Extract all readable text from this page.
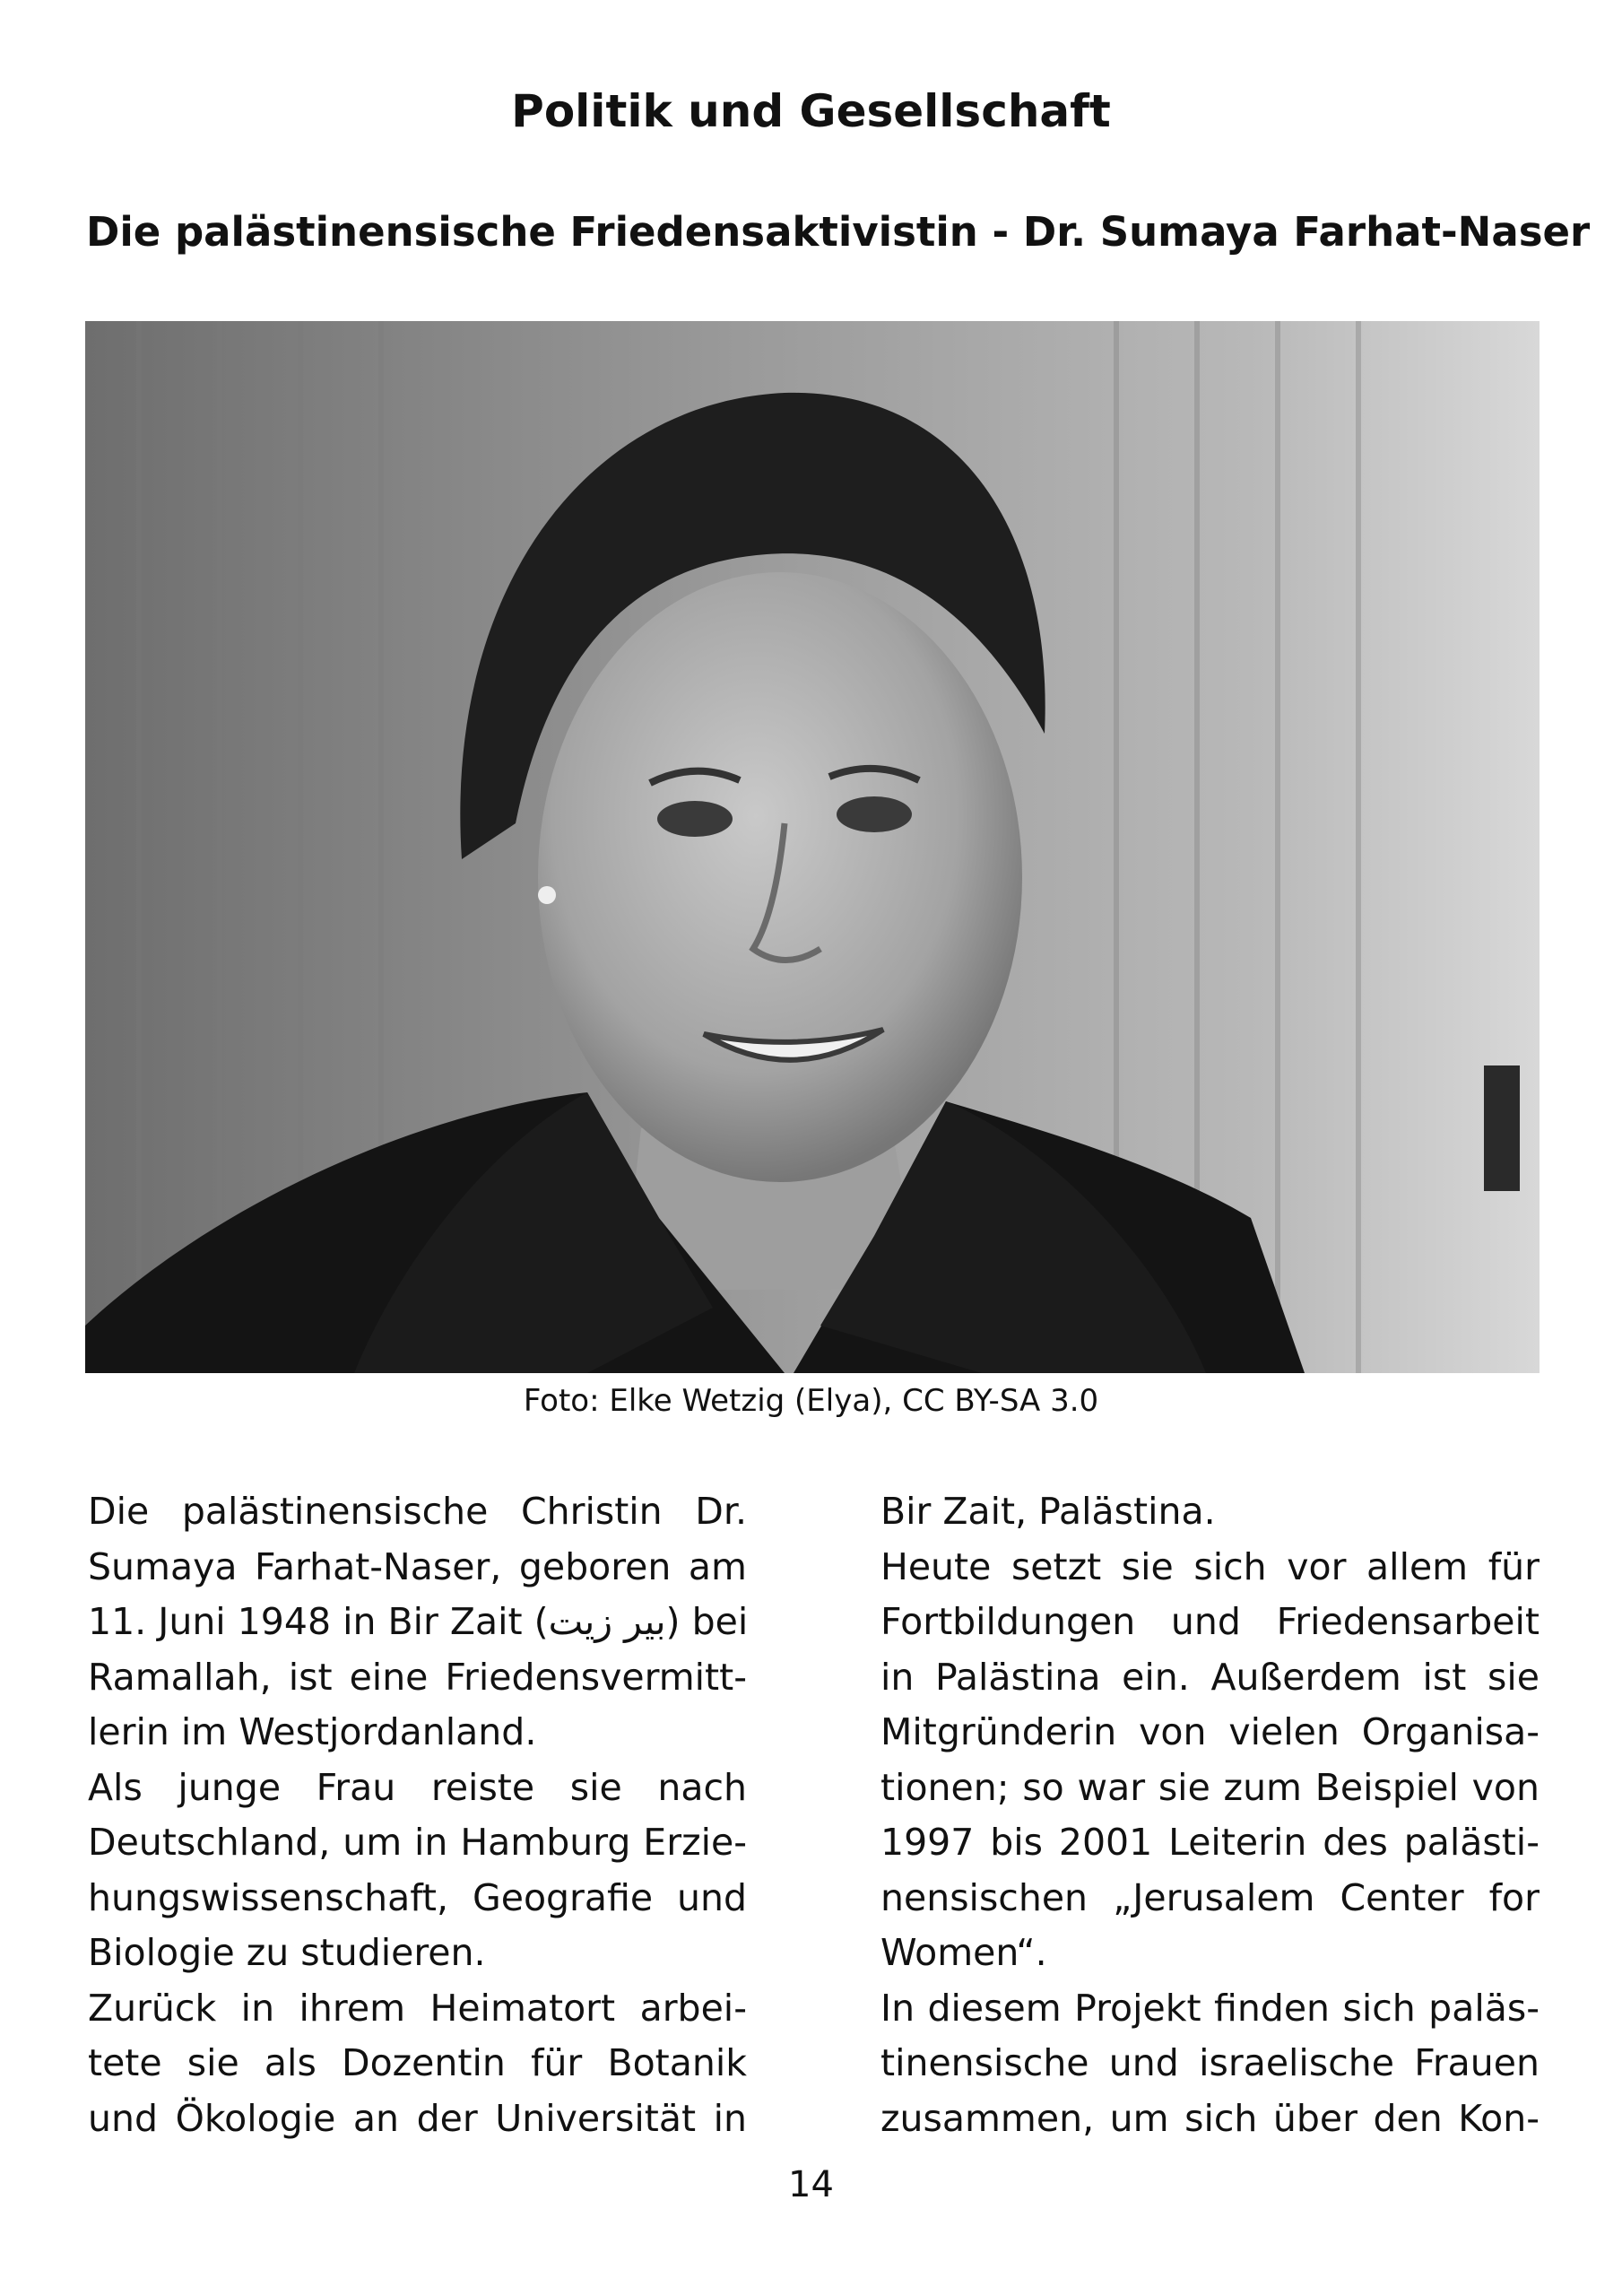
Politik und Gesellschaft
Die palästinensische Friedensaktivistin - Dr. Sumaya Farhat-Naser
Foto: Elke Wetzig (Elya), CC BY-SA 3.0
Die palästinensische Christin Dr.
Sumaya Farhat-Naser, geboren am
11. Juni 1948 in Bir Zait (بير زيت) bei
Ramallah, ist eine Friedensvermitt-
lerin im Westjordanland.
Als junge Frau reiste sie nach
Deutschland, um in Hamburg Erzie-
hungswissenschaft, Geografie und
Biologie zu studieren.
Zurück in ihrem Heimatort arbei-
tete sie als Dozentin für Botanik
und Ökologie an der Universität in
Bir Zait, Palästina.
Heute setzt sie sich vor allem für
Fortbildungen und Friedensarbeit
in Palästina ein. Außerdem ist sie
Mitgründerin von vielen Organisa-
tionen; so war sie zum Beispiel von
1997 bis 2001 Leiterin des palästi-
nensischen „Jerusalem Center for
Women“.
In diesem Projekt finden sich paläs-
tinensische und israelische Frauen
zusammen, um sich über den Kon-
14
